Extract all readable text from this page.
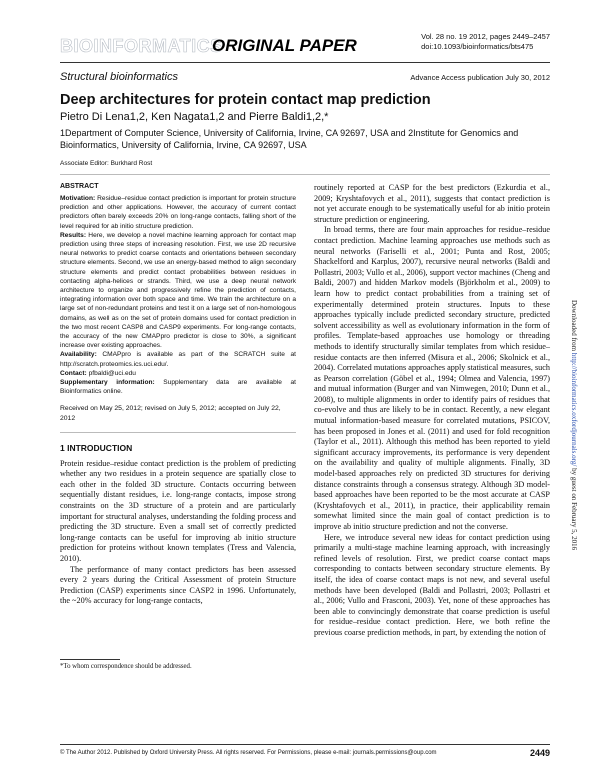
BIOINFORMATICS
ORIGINAL PAPER	Vol. 28 no. 19 2012, pages 2449–2457
doi:10.1093/bioinformatics/bts475
Structural bioinformatics	Advance Access publication July 30, 2012
Deep architectures for protein contact map prediction
Pietro Di Lena1,2, Ken Nagata1,2 and Pierre Baldi1,2,*
1Department of Computer Science, University of California, Irvine, CA 92697, USA and 2Institute for Genomics and Bioinformatics, University of California, Irvine, CA 92697, USA
Associate Editor: Burkhard Rost
ABSTRACT

Motivation: Residue–residue contact prediction is important for protein structure prediction and other applications. However, the accuracy of current contact predictors often barely exceeds 20% on long-range contacts, falling short of the level required for ab initio structure prediction.

Results: Here, we develop a novel machine learning approach for contact map prediction using three steps of increasing resolution. First, we use 2D recursive neural networks to predict coarse contacts and orientations between secondary structure elements. Second, we use an energy-based method to align secondary structure elements and predict contact probabilities between residues in contacting alpha-helices or strands. Third, we use a deep neural network architecture to organize and progressively refine the prediction of contacts, integrating information over both space and time. We train the architecture on a large set of non-redundant proteins and test it on a large set of non-homologous domains, as well as on the set of protein domains used for contact prediction in the two most recent CASP8 and CASP9 experiments. For long-range contacts, the accuracy of the new CMAPpro predictor is close to 30%, a significant increase over existing approaches.

Availability: CMAPpro is available as part of the SCRATCH suite at http://scratch.proteomics.ics.uci.edu/.

Contact: pfbaldi@uci.edu

Supplementary information: Supplementary data are available at Bioinformatics online.

Received on May 25, 2012; revised on July 5, 2012; accepted on July 22, 2012
1 INTRODUCTION

Protein residue–residue contact prediction is the problem of predicting whether any two residues in a protein sequence are spatially close to each other in the folded 3D structure. Contacts occurring between sequentially distant residues, i.e. long-range contacts, impose strong constraints on the 3D structure of a protein and are particularly important for structural analyses, understanding the folding process and predicting the 3D structure. Even a small set of correctly predicted long-range contacts can be useful for improving ab initio structure prediction for proteins without known templates (Tress and Valencia, 2010).

The performance of many contact predictors has been assessed every 2 years during the Critical Assessment of protein Structure Prediction (CASP) experiments since CASP2 in 1996. Unfortunately, the ~20% accuracy for long-range contacts,

routinely reported at CASP for the best predictors (Ezkurdia et al., 2009; Kryshtafovych et al., 2011), suggests that contact prediction is not yet accurate enough to be systematically useful for ab initio protein structure prediction or engineering.

In broad terms, there are four main approaches for residue–residue contact prediction. Machine learning approaches use methods such as neural networks (Fariselli et al., 2001; Punta and Rost, 2005; Shackelford and Karplus, 2007), recursive neural networks (Baldi and Pollastri, 2003; Vullo et al., 2006), support vector machines (Cheng and Baldi, 2007) and hidden Markov models (Björkholm et al., 2009) to learn how to predict contact probabilities from a training set of experimentally determined protein structures. Inputs to these approaches typically include predicted secondary structure, predicted solvent accessibility as well as evolutionary information in the form of profiles. Template-based approaches use homology or threading methods to identify structurally similar templates from which residue–residue contacts are then inferred (Misura et al., 2006; Skolnick et al., 2004). Correlated mutations approaches apply statistical measures, such as Pearson correlation (Göbel et al., 1994; Olmea and Valencia, 1997) and mutual information (Burger and van Nimwegen, 2010; Dunn et al., 2008), to multiple alignments in order to identify pairs of residues that co-evolve and thus are likely to be in contact. Recently, a new elegant mutual information-based measure for correlated mutations, PSICOV, has been proposed in Jones et al. (2011) and used for fold recognition (Taylor et al., 2011). Although this method has been reported to yield significant accuracy improvements, its performance is very dependent on the availability and quality of multiple alignments. Finally, 3D model-based approaches rely on predicted 3D structures for deriving distance constraints through a consensus strategy. Although 3D model-based approaches have been reported to be the most accurate at CASP (Kryshtafovych et al., 2011), in practice, their applicability remain somewhat limited since the main goal of contact prediction is to improve ab initio structure prediction and not the converse.

Here, we introduce several new ideas for contact prediction using primarily a multi-stage machine learning approach, with increasingly refined levels of resolution. First, we predict coarse contact maps corresponding to contacts between secondary structure elements. By itself, the idea of coarse contact maps is not new, and several useful methods have been developed (Baldi and Pollastri, 2003; Pollastri et al., 2006; Vullo and Frasconi, 2003). Yet, none of these approaches has been able to convincingly demonstrate that coarse prediction is useful for residue–residue contact prediction. Here, we both refine the previous coarse prediction methods, in part, by extending the notion of

*To whom correspondence should be addressed.
© The Author 2012. Published by Oxford University Press. All rights reserved. For Permissions, please e-mail: journals.permissions@oup.com	2449
Downloaded from http://bioinformatics.oxfordjournals.org/ by guest on February 5, 2016
